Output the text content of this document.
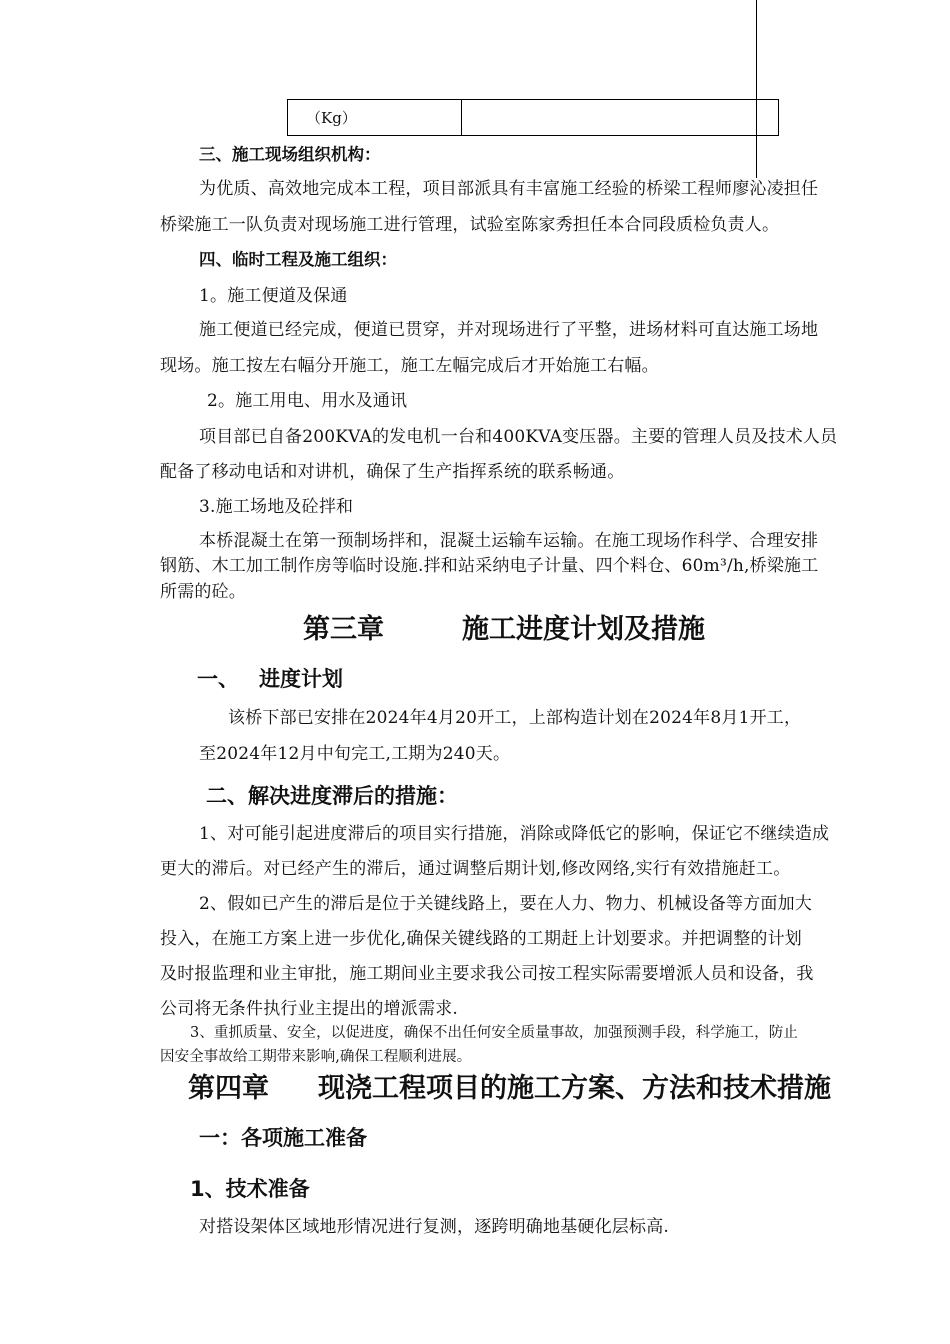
（Kg）	
三、施工现场组织机构：
为优质、高效地完成本工程，项目部派具有丰富施工经验的桥梁工程师廖沁凌担任
桥梁施工一队负责对现场施工进行管理，试验室陈家秀担任本合同段质检负责人。
四、临时工程及施工组织：
1。施工便道及保通
施工便道已经完成，便道已贯穿，并对现场进行了平整，进场材料可直达施工场地
现场。施工按左右幅分开施工，施工左幅完成后才开始施工右幅。
2。施工用电、用水及通讯
项目部已自备200KVA的发电机一台和400KVA变压器。主要的管理人员及技术人员
配备了移动电话和对讲机，确保了生产指挥系统的联系畅通。
3.施工场地及砼拌和
本桥混凝土在第一预制场拌和，混凝土运输车运输。在施工现场作科学、合理安排
钢筋、木工加工制作房等临时设施.拌和站采纳电子计量、四个料仓、60m³/h,桥梁施工
所需的砼。
第三章	施工进度计划及措施
一、 进度计划
该桥下部已安排在2024年4月20开工，上部构造计划在2024年8月1开工，
至2024年12月中旬完工,工期为240天。
二、解决进度滞后的措施：
1、对可能引起进度滞后的项目实行措施，消除或降低它的影响，保证它不继续造成
更大的滞后。对已经产生的滞后，通过调整后期计划,修改网络,实行有效措施赶工。
2、假如已产生的滞后是位于关键线路上，要在人力、物力、机械设备等方面加大
投入，在施工方案上进一步优化,确保关键线路的工期赶上计划要求。并把调整的计划
及时报监理和业主审批，施工期间业主要求我公司按工程实际需要增派人员和设备，我
公司将无条件执行业主提出的增派需求.
3、重抓质量、安全，以促进度，确保不出任何安全质量事故，加强预测手段，科学施工，防止
因安全事故给工期带来影响,确保工程顺利进展。
第四章 现浇工程项目的施工方案、方法和技术措施
一：各项施工准备
1、技术准备
对搭设架体区域地形情况进行复测，逐跨明确地基硬化层标高.
